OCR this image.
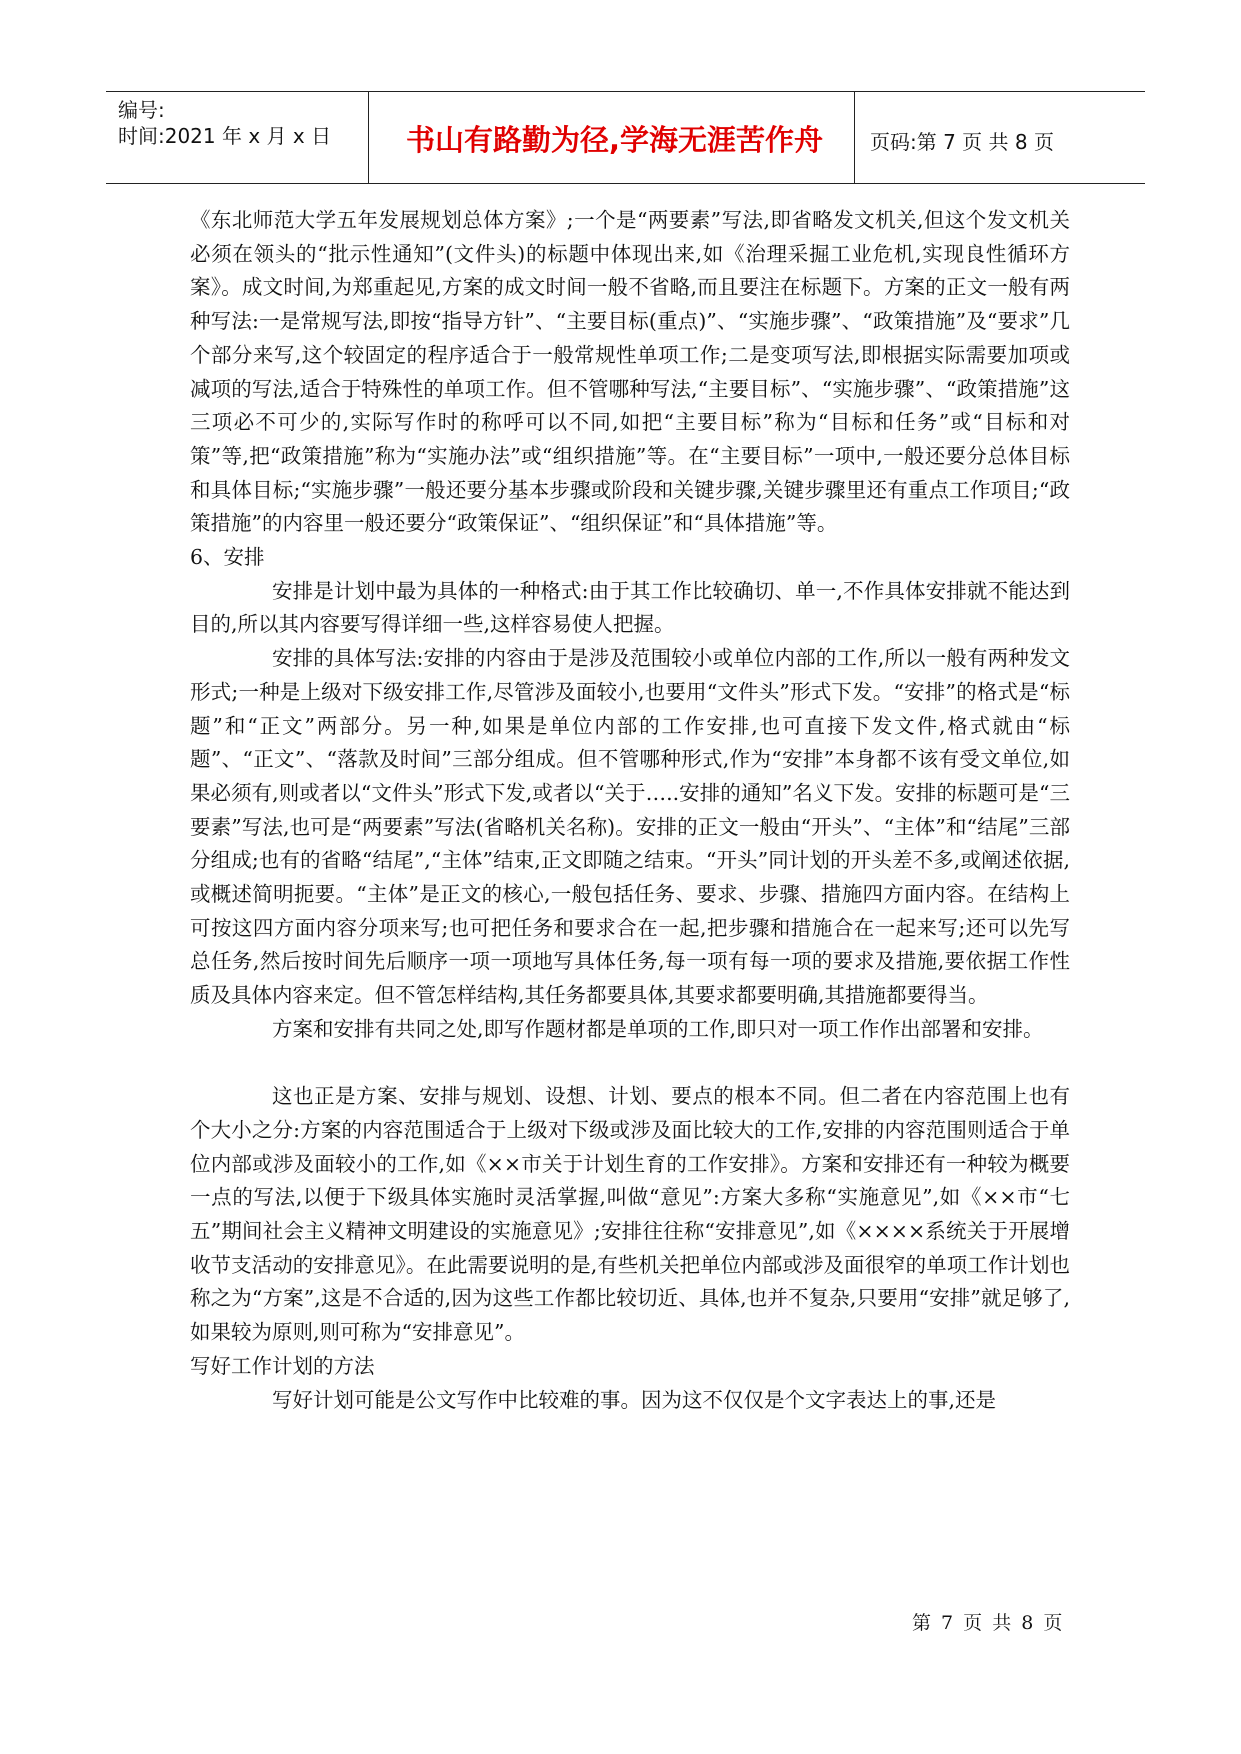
编号:
时间:2021 年 x 月 x 日	书山有路勤为径,学海无涯苦作舟	页码:第 7 页 共 8 页

《东北师范大学五年发展规划总体方案》;一个是“两要素”写法,即省略发文机关,但这个发文机关必须在领头的“批示性通知”(文件头)的标题中体现出来,如《治理采掘工业危机,实现良性循环方案》。成文时间,为郑重起见,方案的成文时间一般不省略,而且要注在标题下。方案的正文一般有两种写法:一是常规写法,即按“指导方针”、“主要目标(重点)”、“实施步骤”、“政策措施”及“要求”几个部分来写,这个较固定的程序适合于一般常规性单项工作;二是变项写法,即根据实际需要加项或减项的写法,适合于特殊性的单项工作。但不管哪种写法,“主要目标”、“实施步骤”、“政策措施”这三项必不可少的,实际写作时的称呼可以不同,如把“主要目标”称为“目标和任务”或“目标和对策”等,把“政策措施”称为“实施办法”或“组织措施”等。在“主要目标”一项中,一般还要分总体目标和具体目标;“实施步骤”一般还要分基本步骤或阶段和关键步骤,关键步骤里还有重点工作项目;“政策措施”的内容里一般还要分“政策保证”、“组织保证”和“具体措施”等。

6、安排

安排是计划中最为具体的一种格式:由于其工作比较确切、单一,不作具体安排就不能达到目的,所以其内容要写得详细一些,这样容易使人把握。

安排的具体写法:安排的内容由于是涉及范围较小或单位内部的工作,所以一般有两种发文形式;一种是上级对下级安排工作,尽管涉及面较小,也要用“文件头”形式下发。“安排”的格式是“标题”和“正文”两部分。另一种,如果是单位内部的工作安排,也可直接下发文件,格式就由“标题”、“正文”、“落款及时间”三部分组成。但不管哪种形式,作为“安排”本身都不该有受文单位,如果必须有,则或者以“文件头”形式下发,或者以“关于…..安排的通知”名义下发。安排的标题可是“三要素”写法,也可是“两要素”写法(省略机关名称)。安排的正文一般由“开头”、“主体”和“结尾”三部分组成;也有的省略“结尾”,“主体”结束,正文即随之结束。“开头”同计划的开头差不多,或阐述依据,或概述简明扼要。“主体”是正文的核心,一般包括任务、要求、步骤、措施四方面内容。在结构上可按这四方面内容分项来写;也可把任务和要求合在一起,把步骤和措施合在一起来写;还可以先写总任务,然后按时间先后顺序一项一项地写具体任务,每一项有每一项的要求及措施,要依据工作性质及具体内容来定。但不管怎样结构,其任务都要具体,其要求都要明确,其措施都要得当。

方案和安排有共同之处,即写作题材都是单项的工作,即只对一项工作作出部署和安排。

这也正是方案、安排与规划、设想、计划、要点的根本不同。但二者在内容范围上也有个大小之分:方案的内容范围适合于上级对下级或涉及面比较大的工作,安排的内容范围则适合于单位内部或涉及面较小的工作,如《××市关于计划生育的工作安排》。方案和安排还有一种较为概要一点的写法,以便于下级具体实施时灵活掌握,叫做“意见”:方案大多称“实施意见”,如《××市“七五”期间社会主义精神文明建设的实施意见》;安排往往称“安排意见”,如《××××系统关于开展增收节支活动的安排意见》。在此需要说明的是,有些机关把单位内部或涉及面很窄的单项工作计划也称之为“方案”,这是不合适的,因为这些工作都比较切近、具体,也并不复杂,只要用“安排”就足够了,如果较为原则,则可称为“安排意见”。

写好工作计划的方法

写好计划可能是公文写作中比较难的事。因为这不仅仅是个文字表达上的事,还是

第 7 页 共 8 页
